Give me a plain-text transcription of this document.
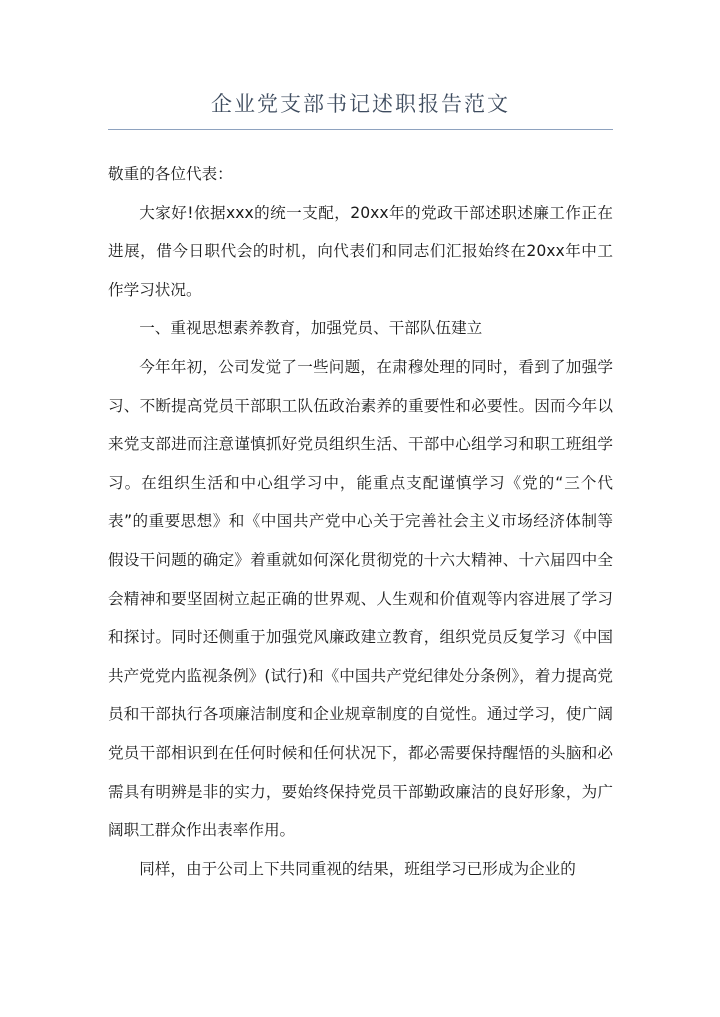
企业党支部书记述职报告范文

敬重的各位代表：

大家好!依据xxx的统一支配，20xx年的党政干部述职述廉工作正在进展，借今日职代会的时机，向代表们和同志们汇报始终在20xx年中工作学习状况。

一、重视思想素养教育，加强党员、干部队伍建立

今年年初，公司发觉了一些问题，在肃穆处理的同时，看到了加强学习、不断提高党员干部职工队伍政治素养的重要性和必要性。因而今年以来党支部进而注意谨慎抓好党员组织生活、干部中心组学习和职工班组学习。在组织生活和中心组学习中，能重点支配谨慎学习《党的“三个代表”的重要思想》和《中国共产党中心关于完善社会主义市场经济体制等假设干问题的确定》着重就如何深化贯彻党的十六大精神、十六届四中全会精神和要坚固树立起正确的世界观、人生观和价值观等内容进展了学习和探讨。同时还侧重于加强党风廉政建立教育，组织党员反复学习《中国共产党党内监视条例》(试行)和《中国共产党纪律处分条例》，着力提高党员和干部执行各项廉洁制度和企业规章制度的自觉性。通过学习，使广阔党员干部相识到在任何时候和任何状况下，都必需要保持醒悟的头脑和必需具有明辨是非的实力，要始终保持党员干部勤政廉洁的良好形象，为广阔职工群众作出表率作用。

同样，由于公司上下共同重视的结果，班组学习已形成为企业的
